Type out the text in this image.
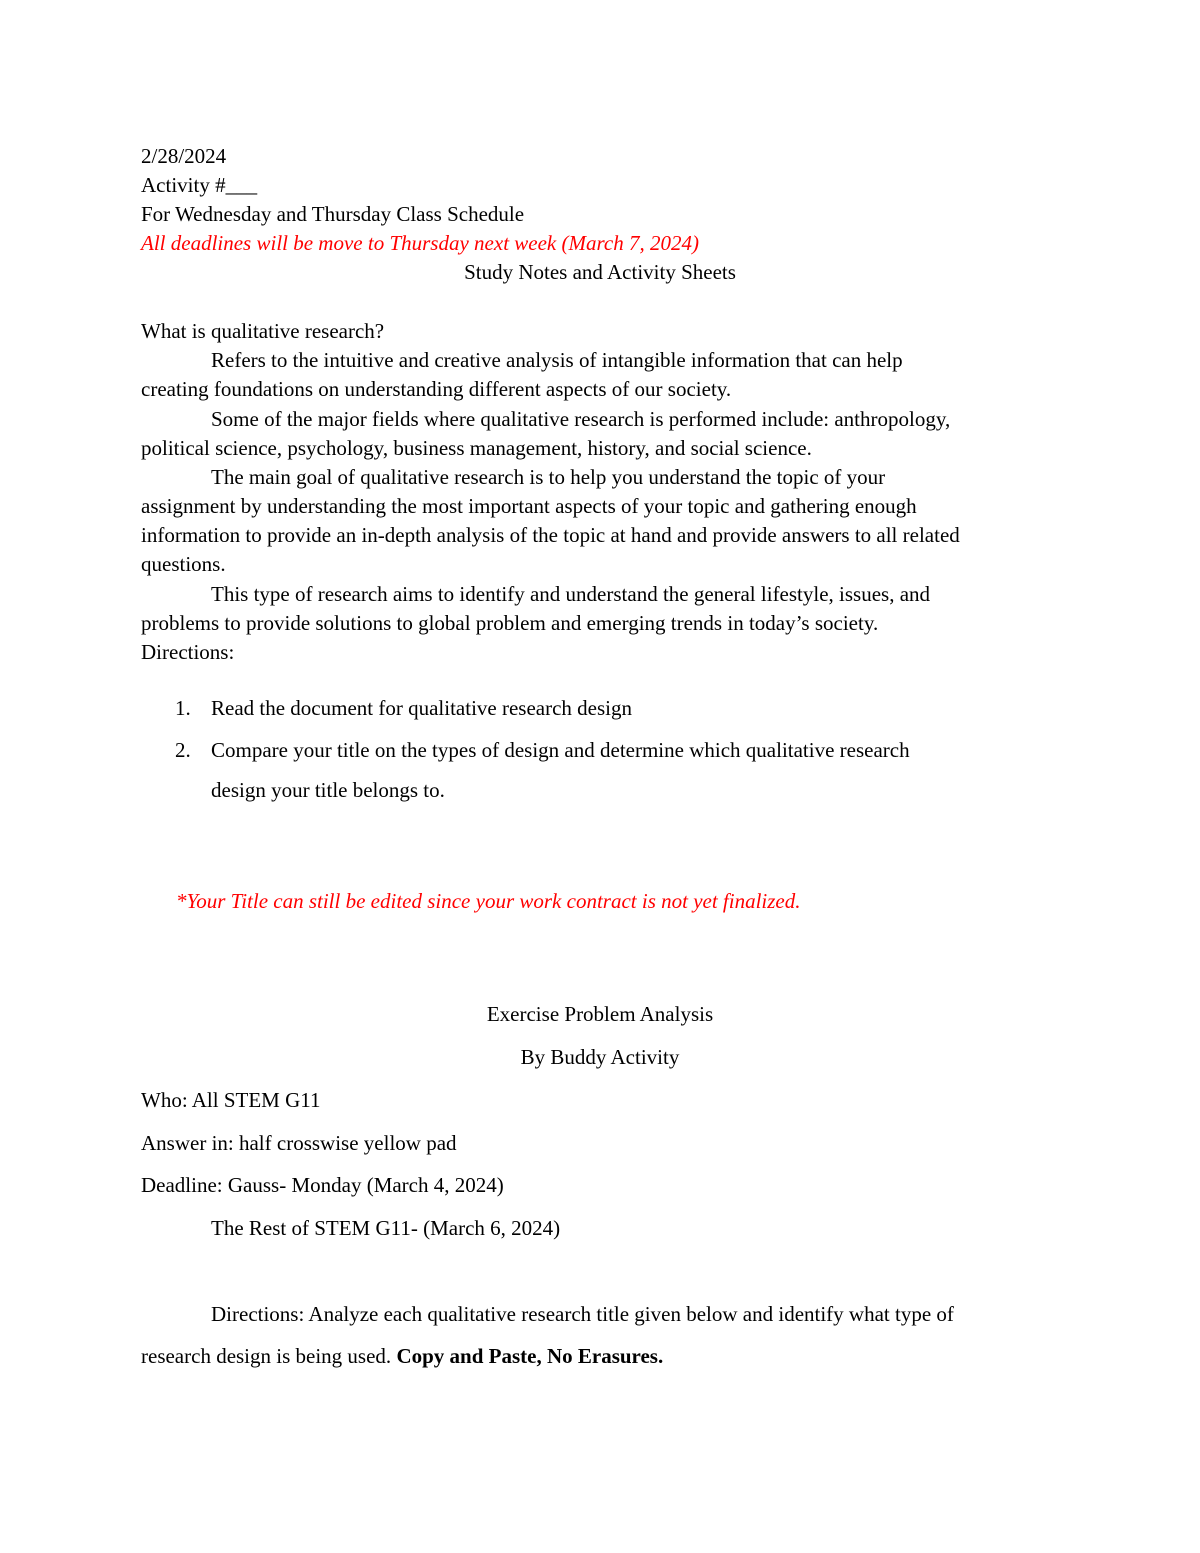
2/28/2024
Activity #___
For Wednesday and Thursday Class Schedule
All deadlines will be move to Thursday next week (March 7, 2024)
Study Notes and Activity Sheets
What is qualitative research?
Refers to the intuitive and creative analysis of intangible information that can help
creating foundations on understanding different aspects of our society.
Some of the major fields where qualitative research is performed include: anthropology,
political science, psychology, business management, history, and social science.
The main goal of qualitative research is to help you understand the topic of your
assignment by understanding the most important aspects of your topic and gathering enough
information to provide an in-depth analysis of the topic at hand and provide answers to all related
questions.
This type of research aims to identify and understand the general lifestyle, issues, and
problems to provide solutions to global problem and emerging trends in today’s society.
Directions:
1. Read the document for qualitative research design
2. Compare your title on the types of design and determine which qualitative research
design your title belongs to.
*Your Title can still be edited since your work contract is not yet finalized.
Exercise Problem Analysis
By Buddy Activity
Who: All STEM G11
Answer in: half crosswise yellow pad
Deadline: Gauss- Monday (March 4, 2024)
The Rest of STEM G11- (March 6, 2024)
Directions: Analyze each qualitative research title given below and identify what type of
research design is being used. Copy and Paste, No Erasures.
